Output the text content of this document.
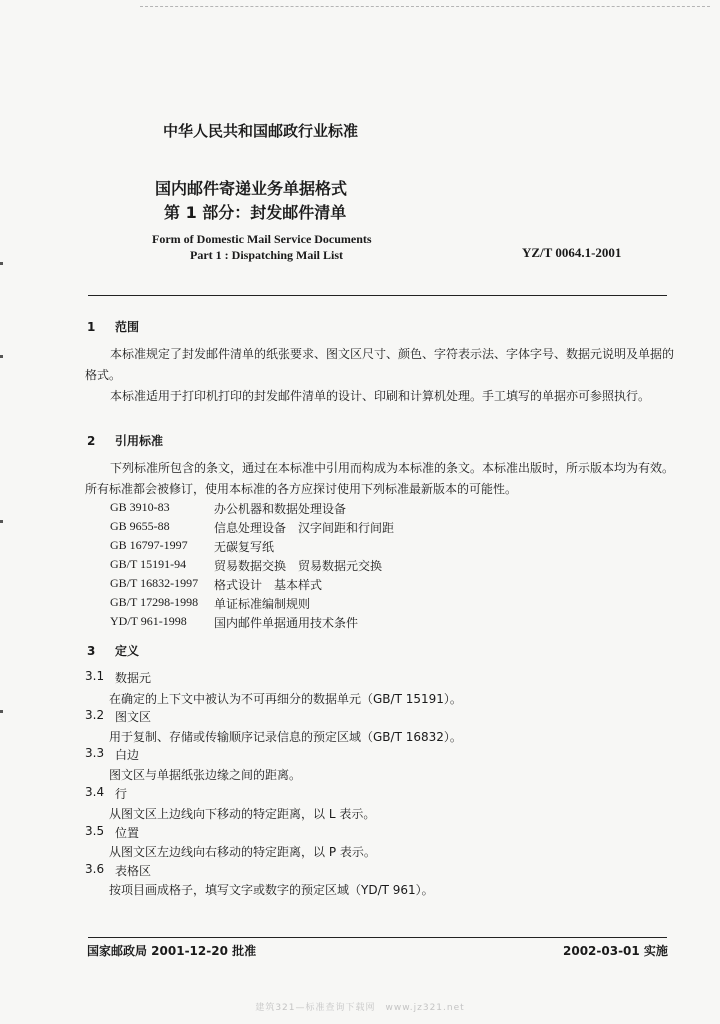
中华人民共和国邮政行业标准
国内邮件寄递业务单据格式
第 1 部分：封发邮件清单
Form of Domestic Mail Service Documents
Part 1 : Dispatching Mail List	YZ/T 0064.1-2001
1 范围
本标准规定了封发邮件清单的纸张要求、图文区尺寸、颜色、字符表示法、字体字号、数据元说明及单据的格式。
本标准适用于打印机打印的封发邮件清单的设计、印刷和计算机处理。手工填写的单据亦可参照执行。
2 引用标准
下列标准所包含的条文，通过在本标准中引用而构成为本标准的条文。本标准出版时，所示版本均为有效。所有标准都会被修订，使用本标准的各方应探讨使用下列标准最新版本的可能性。
GB 3910-83	办公机器和数据处理设备
GB 9655-88	信息处理设备　汉字间距和行间距
GB 16797-1997 无碳复写纸
GB/T 15191-94 贸易数据交换　贸易数据元交换
GB/T 16832-1997 格式设计　基本样式
GB/T 17298-1998 单证标准编制规则
YD/T 961-1998 国内邮件单据通用技术条件
3 定义
3.1 数据元
在确定的上下文中被认为不可再细分的数据单元（GB/T 15191）。
3.2 图文区
用于复制、存储或传输顺序记录信息的预定区域（GB/T 16832）。
3.3 白边
图文区与单据纸张边缘之间的距离。
3.4 行
从图文区上边线向下移动的特定距离，以 L 表示。
3.5 位置
从图文区左边线向右移动的特定距离，以 P 表示。
3.6 表格区
按项目画成格子，填写文字或数字的预定区域（YD/T 961）。
国家邮政局 2001-12-20 批准	2002-03-01 实施
建筑321—标准查询下载网　www.jz321.net
